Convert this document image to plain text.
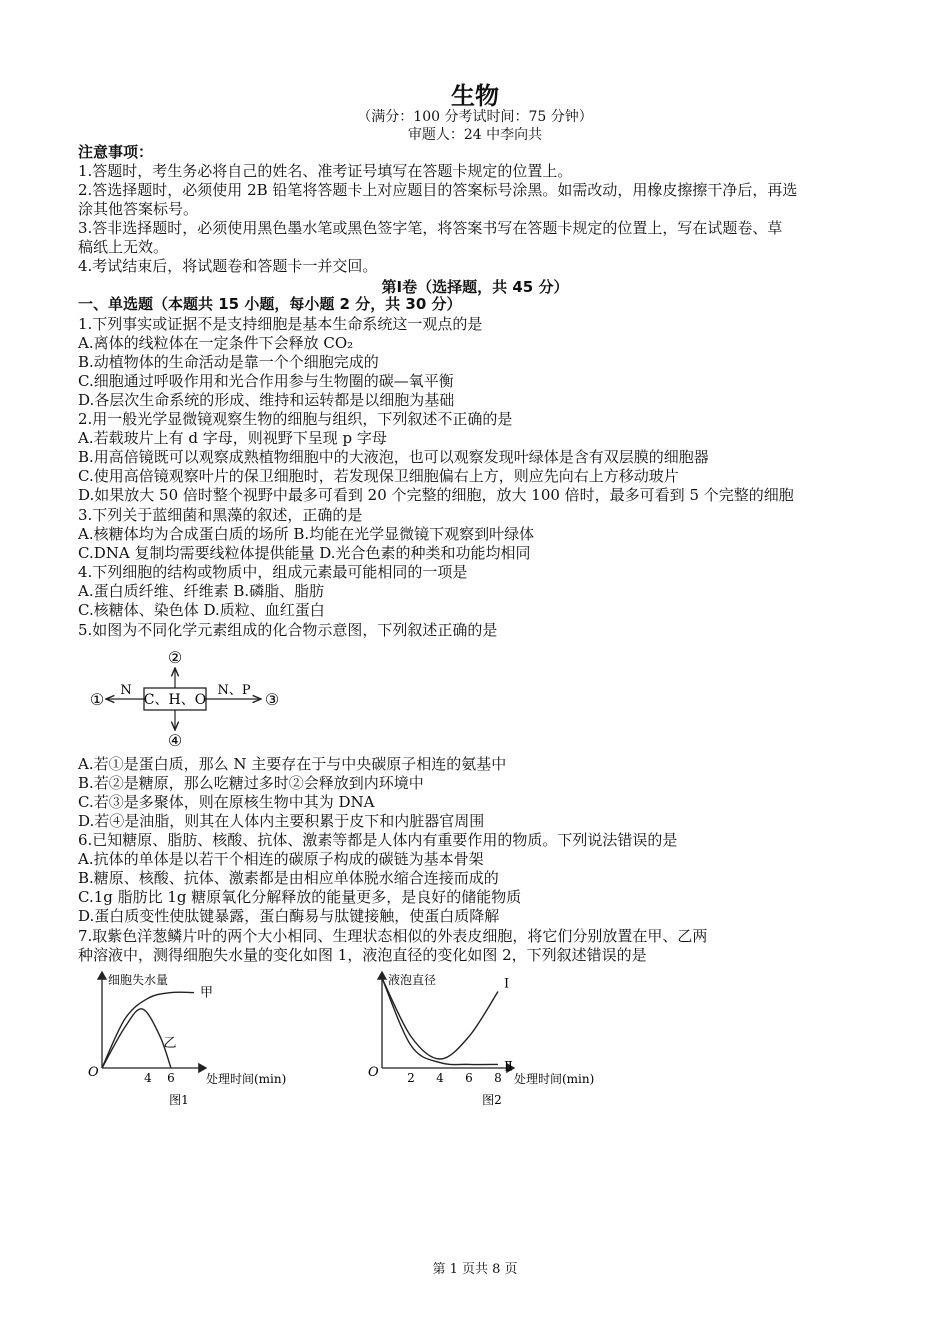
生物
（满分：100 分考试时间：75 分钟）
审题人：24 中李向共
注意事项：
1.答题时，考生务必将自己的姓名、准考证号填写在答题卡规定的位置上。
2.答选择题时，必须使用 2B 铅笔将答题卡上对应题目的答案标号涂黑。如需改动，用橡皮擦擦干净后，再选
涂其他答案标号。
3.答非选择题时，必须使用黑色墨水笔或黑色签字笔，将答案书写在答题卡规定的位置上，写在试题卷、草
稿纸上无效。
4.考试结束后，将试题卷和答题卡一并交回。
第Ⅰ卷（选择题，共 45 分）
一、单选题（本题共 15 小题，每小题 2 分，共 30 分）
1.下列事实或证据不是支持细胞是基本生命系统这一观点的是
A.离体的线粒体在一定条件下会释放 CO₂
B.动植物体的生命活动是靠一个个细胞完成的
C.细胞通过呼吸作用和光合作用参与生物圈的碳—氧平衡
D.各层次生命系统的形成、维持和运转都是以细胞为基础
2.用一般光学显微镜观察生物的细胞与组织，下列叙述不正确的是
A.若载玻片上有 d 字母，则视野下呈现 p 字母
B.用高倍镜既可以观察成熟植物细胞中的大液泡，也可以观察发现叶绿体是含有双层膜的细胞器
C.使用高倍镜观察叶片的保卫细胞时，若发现保卫细胞偏右上方，则应先向右上方移动玻片
D.如果放大 50 倍时整个视野中最多可看到 20 个完整的细胞，放大 100 倍时，最多可看到 5 个完整的细胞
3.下列关于蓝细菌和黑藻的叙述，正确的是
A.核糖体均为合成蛋白质的场所 B.均能在光学显微镜下观察到叶绿体
C.DNA 复制均需要线粒体提供能量 D.光合色素的种类和功能均相同
4.下列细胞的结构或物质中，组成元素最可能相同的一项是
A.蛋白质纤维、纤维素 B.磷脂、脂肪
C.核糖体、染色体 D.质粒、血红蛋白
5.如图为不同化学元素组成的化合物示意图，下列叙述正确的是
C、H、O
N	N、P
①
②
③
④
A.若①是蛋白质，那么 N 主要存在于与中央碳原子相连的氨基中
B.若②是糖原，那么吃糖过多时②会释放到内环境中
C.若③是多聚体，则在原核生物中其为 DNA
D.若④是油脂，则其在人体内主要积累于皮下和内脏器官周围
6.已知糖原、脂肪、核酸、抗体、激素等都是人体内有重要作用的物质。下列说法错误的是
A.抗体的单体是以若干个相连的碳原子构成的碳链为基本骨架
B.糖原、核酸、抗体、激素都是由相应单体脱水缩合连接而成的
C.1g 脂肪比 1g 糖原氧化分解释放的能量更多，是良好的储能物质
D.蛋白质变性使肽键暴露，蛋白酶易与肽键接触，使蛋白质降解
7.取紫色洋葱鳞片叶的两个大小相同、生理状态相似的外表皮细胞，将它们分别放置在甲、乙两
种溶液中，测得细胞失水量的变化如图 1，液泡直径的变化如图 2，下列叙述错误的是
细胞失水量
O	处理时间(min)
图1
4 6
甲
乙
液泡直径
O	处理时间(min)
图2
2 4 6 8
Ⅰ
Ⅱ
第 1 页共 8 页
